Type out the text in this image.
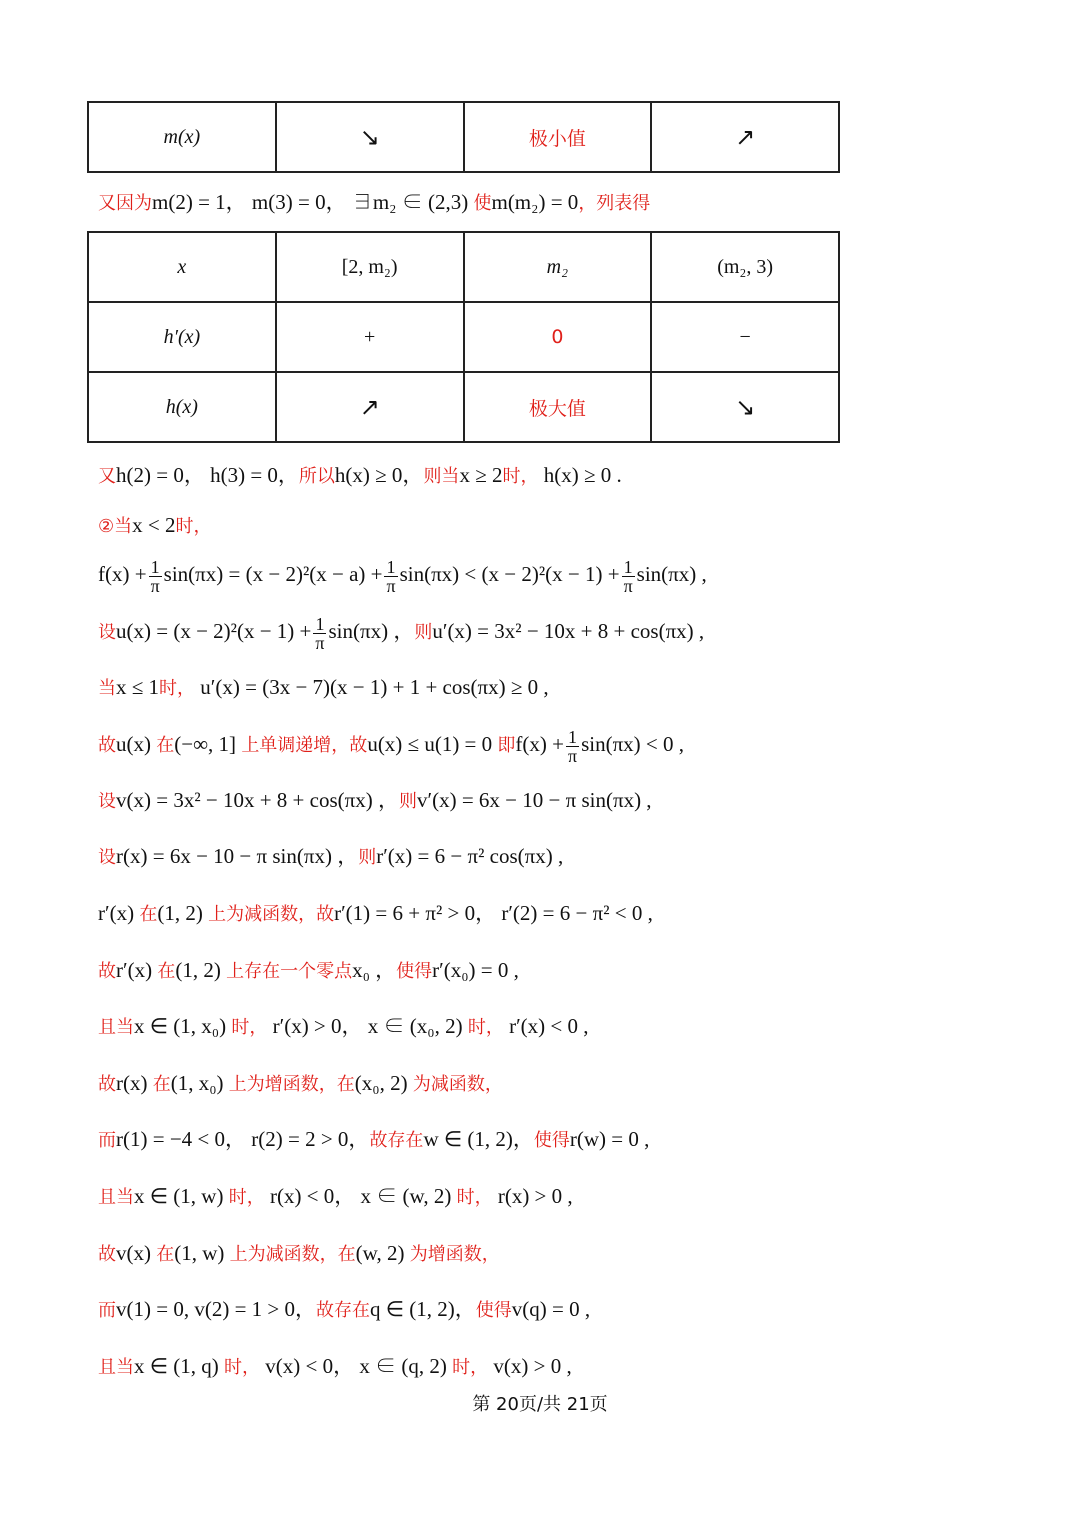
m(x)	↘	极小值	↗
又因为m(2) = 1， m(3) = 0， ∃m₂ ∈ (2,3) 使m(m₂) = 0，列表得
x	[2, m₂)	m₂	(m₂, 3)
h′(x)	+	0	−
h(x)	↗	极大值	↘
又h(2) = 0， h(3) = 0，所以h(x) ≥ 0，则当x ≥ 2时， h(x) ≥ 0 .
②当x < 2时，
$f(x) + \frac{1}{\pi} \sin(\pi x) = (x - 2)^2(x - a) + \frac{1}{\pi} \sin(\pi x) < (x - 2)^2(x - 1) + \frac{1}{\pi} \sin(\pi x)$ ,
设$u(x) = (x - 2)^2(x - 1) + \frac{1}{\pi} \sin(\pi x)$ ，则u′(x) = 3x² − 10x + 8 + cos(πx) ,
当x ≤ 1时， u′(x) = (3x − 7)(x − 1) + 1 + cos(πx) ≥ 0 ,
故u(x) 在(−∞, 1] 上单调递增，故u(x) ≤ u(1) = 0 即$f(x) + \frac{1}{\pi} \sin(\pi x) < 0$ ,
设v(x) = 3x² − 10x + 8 + cos(πx) ，则v′(x) = 6x − 10 − π sin(πx) ,
设r(x) = 6x − 10 − π sin(πx) ，则r′(x) = 6 − π² cos(πx) ,
r′(x) 在(1, 2) 上为减函数，故r′(1) = 6 + π² > 0， r′(2) = 6 − π² < 0 ,
故r′(x) 在(1, 2) 上存在一个零点x₀ ，使得r′(x₀) = 0 ,
且当x ∈ (1, x₀) 时， r′(x) > 0， x ∈ (x₀, 2) 时， r′(x) < 0 ,
故r(x) 在(1, x₀) 上为增函数，在(x₀, 2) 为减函数，
而r(1) = −4 < 0， r(2) = 2 > 0，故存在w ∈ (1, 2)，使得r(w) = 0 ,
且当x ∈ (1, w) 时， r(x) < 0， x ∈ (w, 2) 时， r(x) > 0 ,
故v(x) 在(1, w) 上为减函数，在(w, 2) 为增函数，
而v(1) = 0, v(2) = 1 > 0，故存在q ∈ (1, 2)，使得v(q) = 0 ,
且当x ∈ (1, q) 时， v(x) < 0， x ∈ (q, 2) 时， v(x) > 0 ,
第 20页/共 21页
